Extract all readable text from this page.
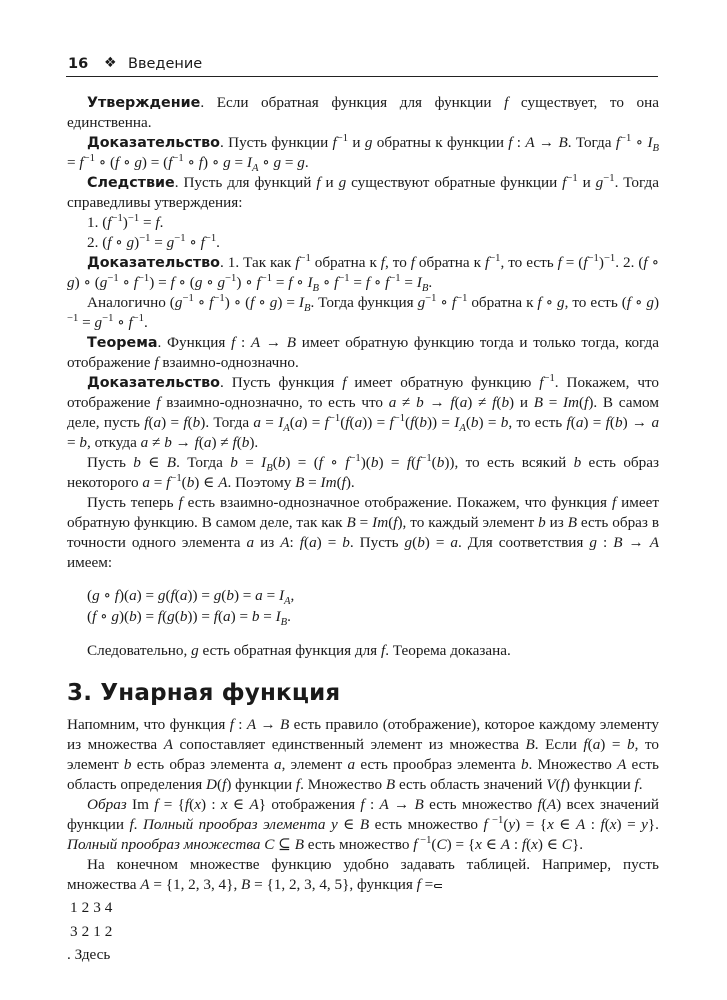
16 ❖ Введение

Утверждение. Если обратная функция для функции f существует, то она единственна.

Доказательство. Пусть функции $f^{-1}$ и g обратны к функции f : A → B. Тогда $f^{-1}$ ∘ $I_B = f^{-1}$ ∘ (f ∘ $g) = (f^{-1}$ ∘ f) ∘ $g = I_A$ ∘ g = g.

Следствие. Пусть для функций f и g существуют обратные функции $f^{-1}$ и $g^{-1}$. Тогда справедливы утверждения:

1. $(f^{-1})^{-1} = f$.

2. (f ∘ $g)^{-1} = g^{-1}$ ∘ $f^{-1}$.

Доказательство. 1. Так как $f^{-1}$ обратна к f, то f обратна к $f^{-1}$, то есть $f = (f^{-1})^{-1}$. 2. (f ∘ g) ∘ ($g^{-1}$ ∘ $f^{-1}) = f$ ∘ (g ∘ $g^{-1}$) ∘ $f^{-1} = f$ ∘ $I_B$ ∘ $f^{-1} = f$ ∘ $f^{-1} = I_B$.

Аналогично ($g^{-1}$ ∘ $f^{-1}$) ∘ (f ∘ $g) = I_B$. Тогда функция $g^{-1}$ ∘ $f^{-1}$ обратна к f ∘ g, то есть (f ∘ $g)^{-1} = g^{-1}$ ∘ $f^{-1}$.

Теорема. Функция f : A → B имеет обратную функцию тогда и только тогда, когда отображение f взаимно-однозначно.

Доказательство. Пусть функция f имеет обратную функцию $f^{-1}$. Покажем, что отображение f взаимно-однозначно, то есть что a ≠ b → f(a) ≠ f(b) и B = Im(f). В самом деле, пусть f(a) = f(b). Тогда $a = I_A(a) = f^{-1}(f(a)) = f^{-1}(f(b)) = I_A(b) = b$, то есть f(a) = f(b) → a = b, откуда a ≠ b → f(a) ≠ f(b).

Пусть b ∈ B. Тогда $b = I_B(b) = (f$ ∘ $f^{-1})(b) = f(f^{-1}(b))$, то есть всякий b есть образ некоторого $a = f^{-1}(b)$ ∈ A. Поэтому B = Im(f).

Пусть теперь f есть взаимно-однозначное отображение. Покажем, что функция f имеет обратную функцию. В самом деле, так как B = Im(f), то каждый элемент b из B есть образ в точности одного элемента a из A: f(a) = b. Пусть g(b) = a. Для соответствия g : B → A имеем:

(g ∘ $f)(a) = g(f(a)) = g(b) = a = I_A$,
(f ∘ $g)(b) = f(g(b)) = f(a) = b = I_B$.

Следовательно, g есть обратная функция для f. Теорема доказана.

3. Унарная функция

Напомним, что функция f : A → B есть правило (отображение), которое каждому элементу из множества A сопоставляет единственный элемент из множества B. Если f(a) = b, то элемент b есть образ элемента a, элемент a есть прообраз элемента b. Множество A есть область определения D(f) функции f. Множество B есть область значений V(f) функции f.

Образ Im f = {f(x) : x ∈ A} отображения f : A → B есть множество f(A) всех значений функции f. Полный прообраз элемента y ∈ B есть множество f $^{-1}$(y) = {x ∈ A : f(x) = y}. Полный прообраз множества C ⊆ B есть множество f $^{-1}$(C) = {x ∈ A : f(x) ∈ C}.

На конечном множестве функцию удобно задавать таблицей. Например, пусть множества A = {1, 2, 3, 4}, B = {1, 2, 3, 4, 5}, функция f =

1	2	3	4
3	2	1	2
. Здесь
